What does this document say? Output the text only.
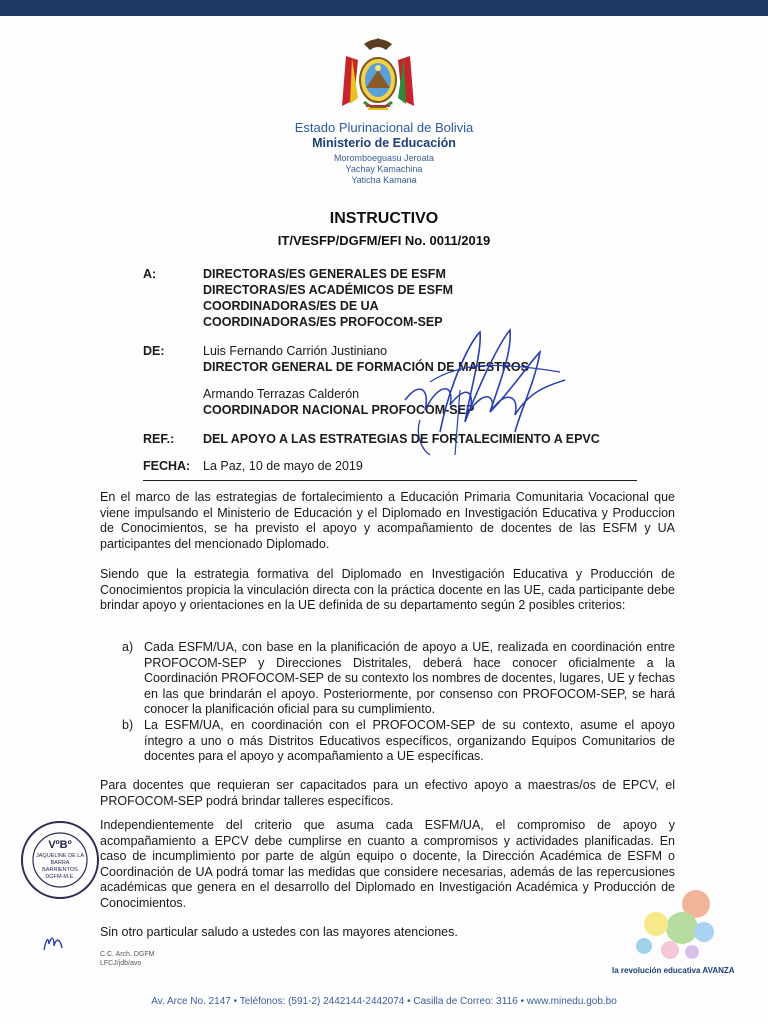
Estado Plurinacional de Bolivia
Ministerio de Educación
Moromboeguasu Jeroata
Yachay Kamachina
Yaticha Kamana
INSTRUCTIVO
IT/VESFP/DGFM/EFI No. 0011/2019
A:	DIRECTORAS/ES GENERALES DE ESFM
DIRECTORAS/ES ACADÉMICOS DE ESFM
COORDINADORAS/ES DE UA
COORDINADORAS/ES PROFOCOM-SEP
DE:	Luis Fernando Carrión Justiniano
DIRECTOR GENERAL DE FORMACIÓN DE MAESTROS
Armando Terrazas Calderón
COORDINADOR NACIONAL PROFOCOM-SEP
REF.: DEL APOYO A LAS ESTRATEGIAS DE FORTALECIMIENTO A EPVC
FECHA: La Paz, 10 de mayo de 2019
En el marco de las estrategias de fortalecimiento a Educación Primaria Comunitaria Vocacional que viene impulsando el Ministerio de Educación y el Diplomado en Investigación Educativa y Produccion de Conocimientos, se ha previsto el apoyo y acompañamiento de docentes de las ESFM y UA participantes del mencionado Diplomado.
Siendo que la estrategia formativa del Diplomado en Investigación Educativa y Producción de Conocimientos propicia la vinculación directa con la práctica docente en las UE, cada participante debe brindar apoyo y orientaciones en la UE definida de su departamento según 2 posibles criterios:
a) Cada ESFM/UA, con base en la planificación de apoyo a UE, realizada en coordinación entre PROFOCOM-SEP y Direcciones Distritales, deberá hace conocer oficialmente a la Coordinación PROFOCOM-SEP de su contexto los nombres de docentes, lugares, UE y fechas en las que brindarán el apoyo. Posteriormente, por consenso con PROFOCOM-SEP, se hará conocer la planificación oficial para su cumplimiento.
b) La ESFM/UA, en coordinación con el PROFOCOM-SEP de su contexto, asume el apoyo íntegro a uno o más Distritos Educativos específicos, organizando Equipos Comunitarios de docentes para el apoyo y acompañamiento a UE específicas.
Para docentes que requieran ser capacitados para un efectivo apoyo a maestras/os de EPCV, el PROFOCOM-SEP podrá brindar talleres específicos.
Independientemente del criterio que asuma cada ESFM/UA, el compromiso de apoyo y acompañamiento a EPCV debe cumplirse en cuanto a compromisos y actividades planificadas. En caso de incumplimiento por parte de algún equipo o docente, la Dirección Académica de ESFM o Coordinación de UA podrá tomar las medidas que considere necesarias, además de las repercusiones académicas que genera en el desarrollo del Diplomado en Investigación Académica y Producción de Conocimientos.
Sin otro particular saludo a ustedes con las mayores atenciones.
C.C. Arch. DGFM
LFCJ/jdb/avo
VºBº
JAQUELINE DE LA
BARRA
BARRIENTOS
DGFM-M.E.
la revolución educativa AVANZA
Av. Arce No. 2147 • Teléfonos: (591-2) 2442144-2442074 • Casilla de Correo: 3116 • www.minedu.gob.bo
